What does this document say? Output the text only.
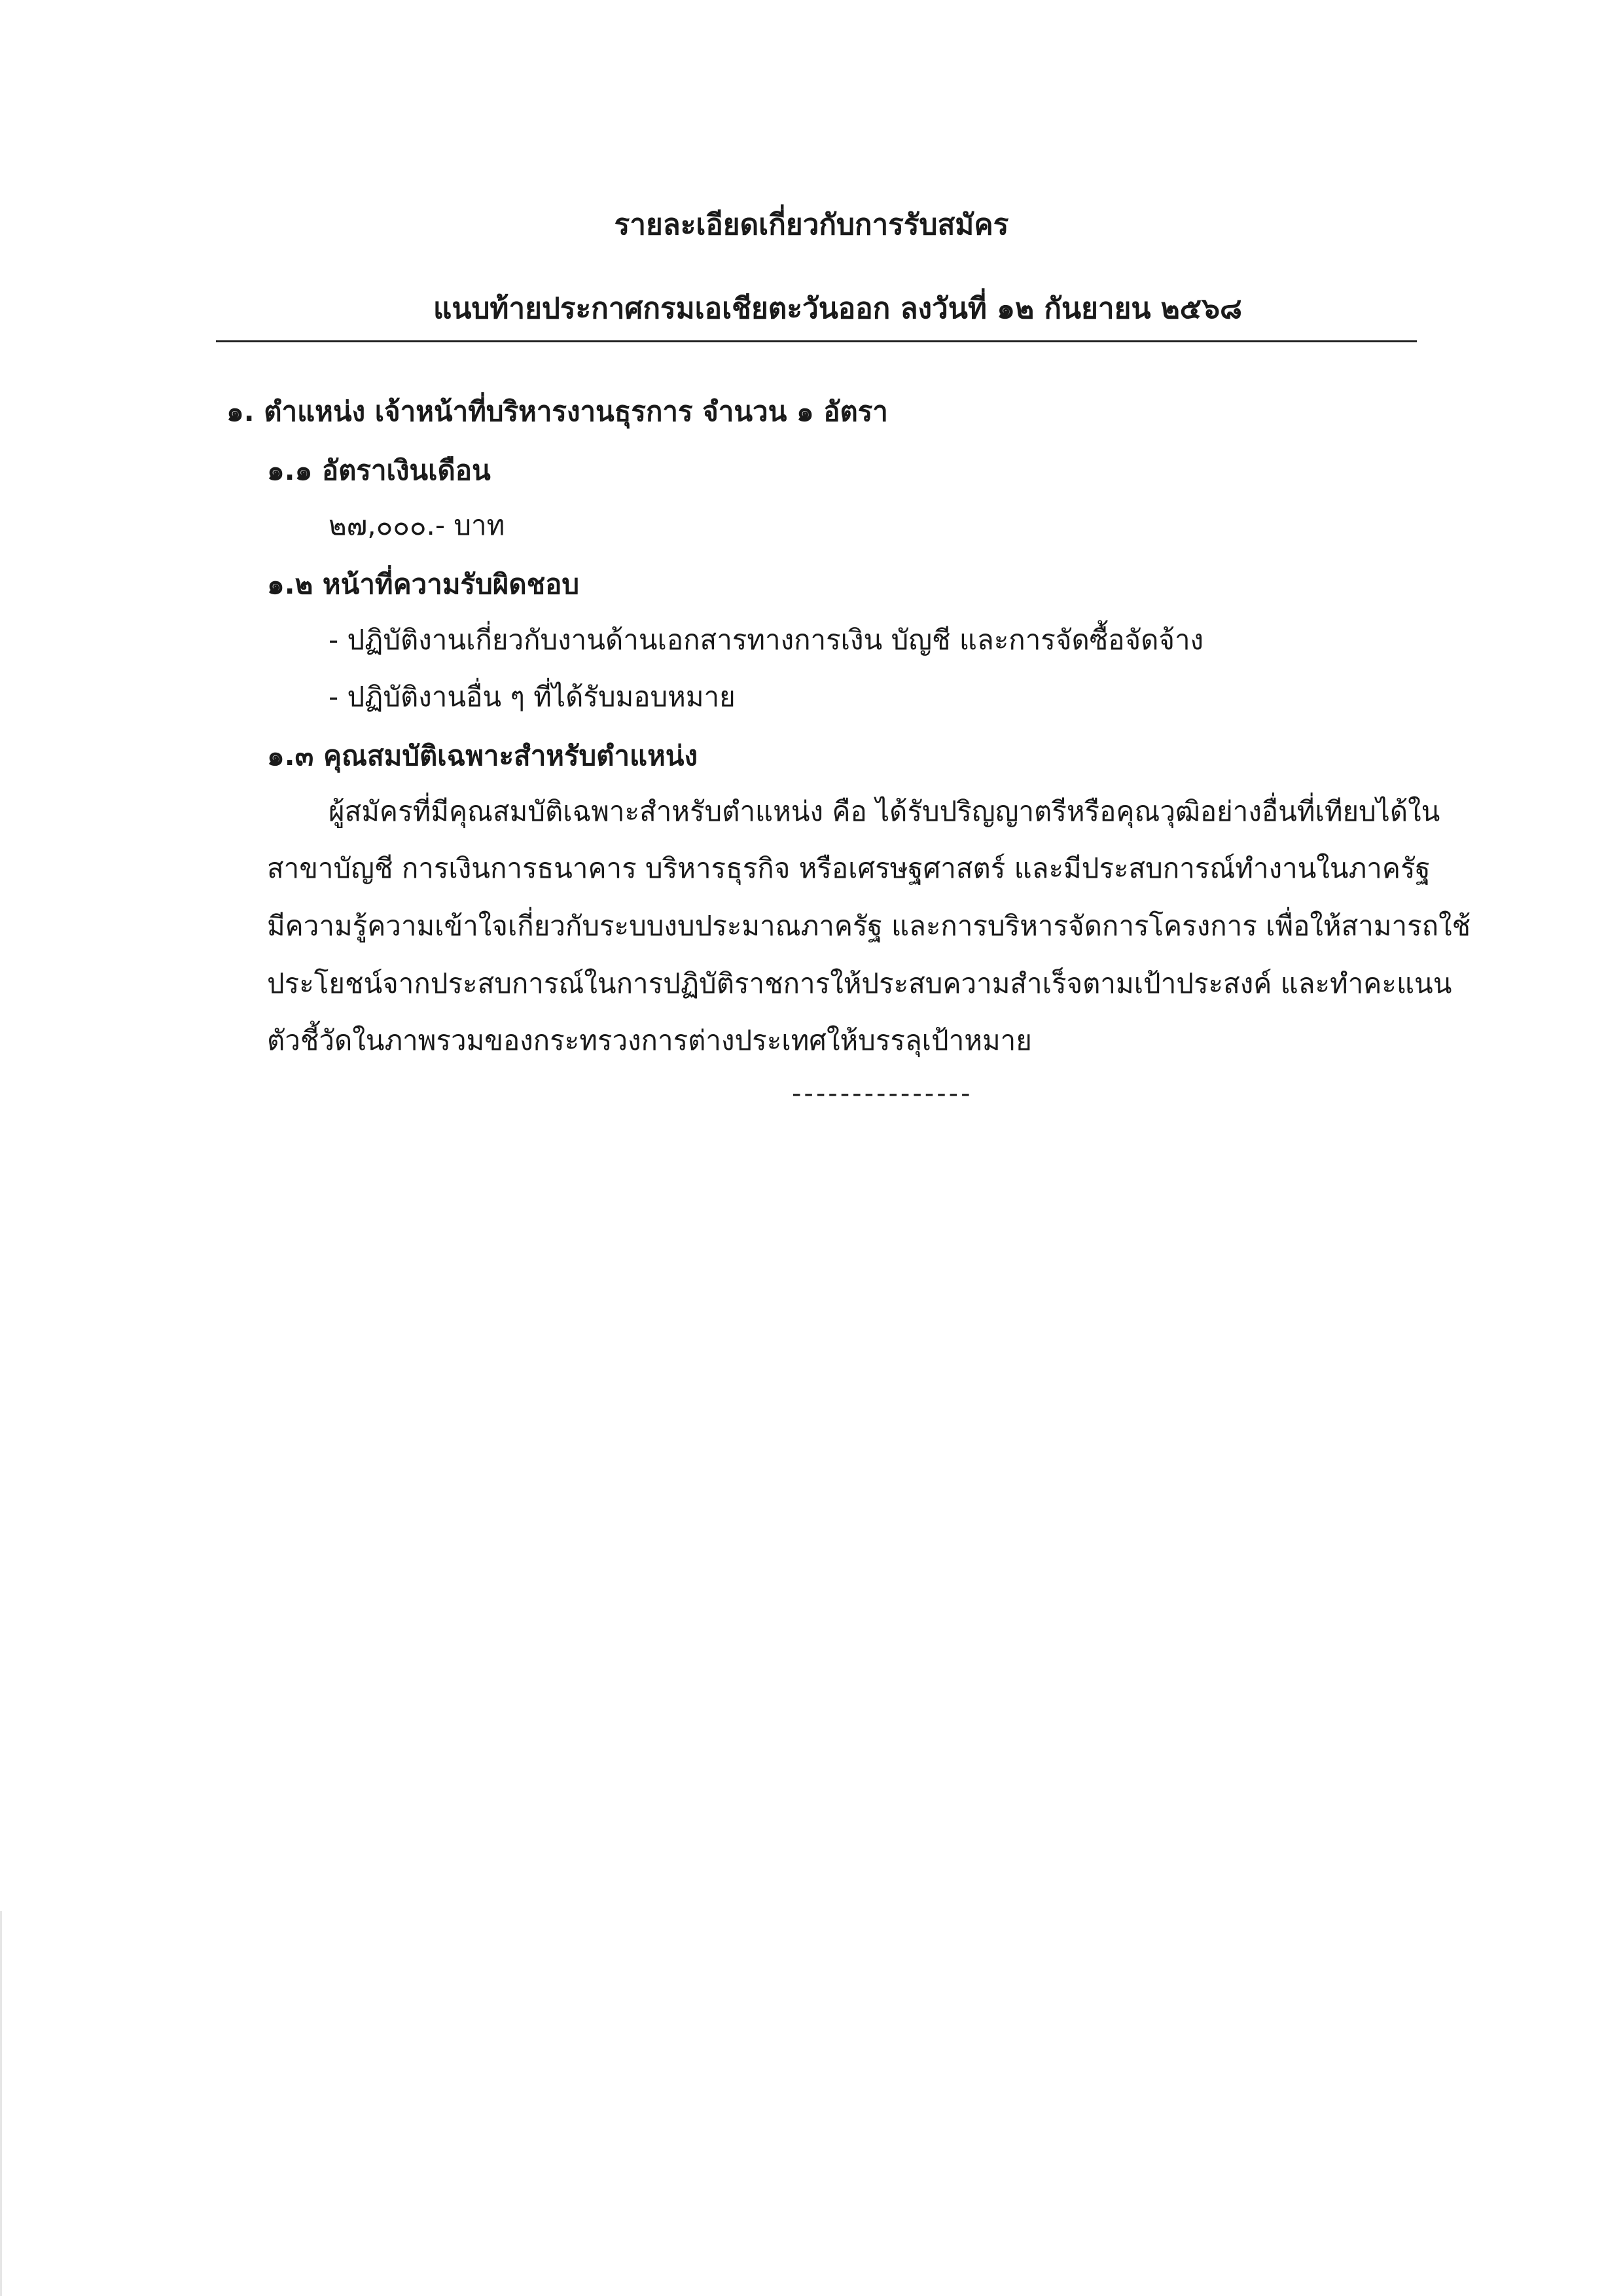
รายละเอียดเกี่ยวกับการรับสมัคร
แนบท้ายประกาศกรมเอเชียตะวันออก ลงวันที่ ๑๒ กันยายน ๒๕๖๘
๑. ตำแหน่ง เจ้าหน้าที่บริหารงานธุรการ จำนวน ๑ อัตรา
๑.๑ อัตราเงินเดือน
๒๗,๐๐๐.- บาท
๑.๒ หน้าที่ความรับผิดชอบ
- ปฏิบัติงานเกี่ยวกับงานด้านเอกสารทางการเงิน บัญชี และการจัดซื้อจัดจ้าง
- ปฏิบัติงานอื่น ๆ ที่ได้รับมอบหมาย
๑.๓ คุณสมบัติเฉพาะสำหรับตำแหน่ง
ผู้สมัครที่มีคุณสมบัติเฉพาะสำหรับตำแหน่ง คือ ได้รับปริญญาตรีหรือคุณวุฒิอย่างอื่นที่เทียบได้ใน
สาขาบัญชี การเงินการธนาคาร บริหารธุรกิจ หรือเศรษฐศาสตร์ และมีประสบการณ์ทำงานในภาครัฐ
มีความรู้ความเข้าใจเกี่ยวกับระบบงบประมาณภาครัฐ และการบริหารจัดการโครงการ เพื่อให้สามารถใช้
ประโยชน์จากประสบการณ์ในการปฏิบัติราชการให้ประสบความสำเร็จตามเป้าประสงค์ และทำคะแนน
ตัวชี้วัดในภาพรวมของกระทรวงการต่างประเทศให้บรรลุเป้าหมาย
---------------
